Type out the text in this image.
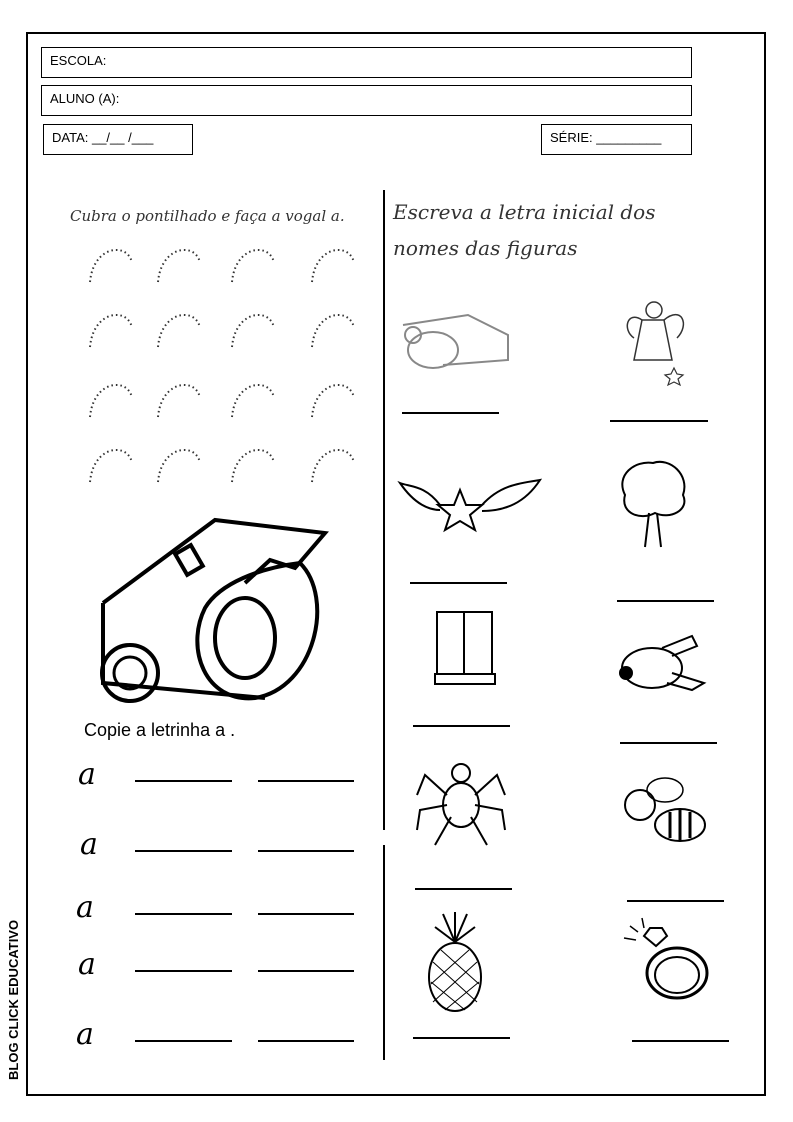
ESCOLA:
ALUNO (A):
DATA: __/__ /___	SÉRIE: _________
BLOG CLICK EDUCATIVO
Cubra o pontilhado e faça a vogal a.
Copie a letrinha a .
a
a
a
a
a
Escreva a letra inicial dos
nomes das figuras
